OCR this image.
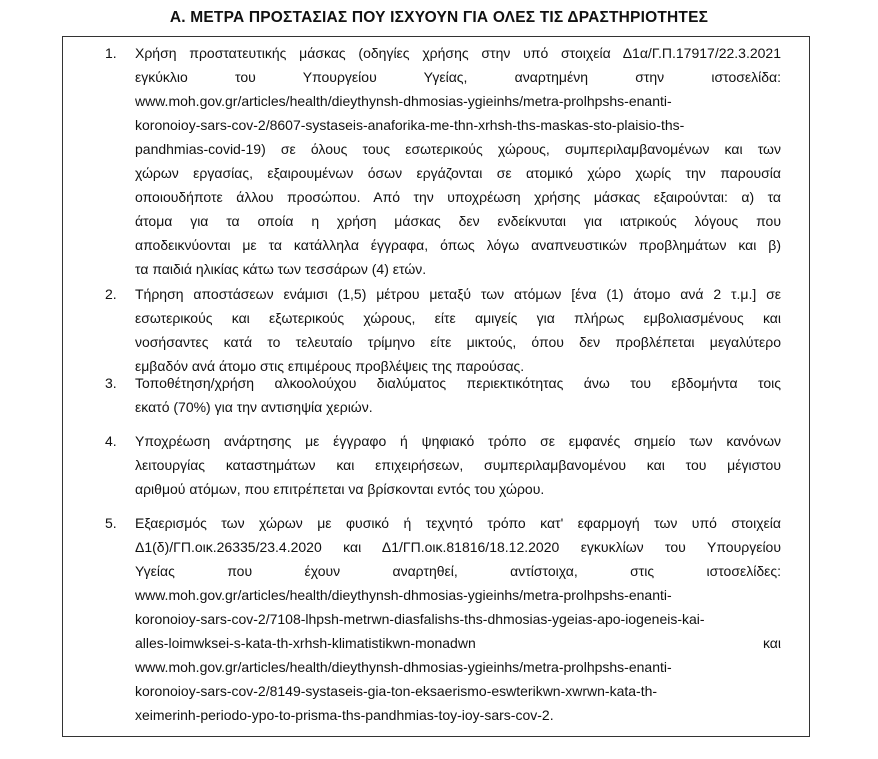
Α. ΜΕΤΡΑ ΠΡΟΣΤΑΣΙΑΣ ΠΟΥ ΙΣΧΥΟΥΝ ΓΙΑ ΟΛΕΣ ΤΙΣ ΔΡΑΣΤΗΡΙΟΤΗΤΕΣ
1. Χρήση προστατευτικής μάσκας (οδηγίες χρήσης στην υπό στοιχεία Δ1α/Γ.Π.17917/22.3.2021
εγκύκλιο του Υπουργείου Υγείας, αναρτημένη στην ιστοσελίδα:
www.moh.gov.gr/articles/health/dieythynsh-dhmosias-ygieinhs/metra-prolhpshs-enanti-
koronoioy-sars-cov-2/8607-systaseis-anaforika-me-thn-xrhsh-ths-maskas-sto-plaisio-ths-
pandhmias-covid-19) σε όλους τους εσωτερικούς χώρους, συμπεριλαμβανομένων και των
χώρων εργασίας, εξαιρουμένων όσων εργάζονται σε ατομικό χώρο χωρίς την παρουσία
οποιουδήποτε άλλου προσώπου. Από την υποχρέωση χρήσης μάσκας εξαιρούνται: α) τα
άτομα για τα οποία η χρήση μάσκας δεν ενδείκνυται για ιατρικούς λόγους που
αποδεικνύονται με τα κατάλληλα έγγραφα, όπως λόγω αναπνευστικών προβλημάτων και β)
τα παιδιά ηλικίας κάτω των τεσσάρων (4) ετών.
2. Τήρηση αποστάσεων ενάμισι (1,5) μέτρου μεταξύ των ατόμων [ένα (1) άτομο ανά 2 τ.μ.] σε
εσωτερικούς και εξωτερικούς χώρους, είτε αμιγείς για πλήρως εμβολιασμένους και
νοσήσαντες κατά το τελευταίο τρίμηνο είτε μικτούς, όπου δεν προβλέπεται μεγαλύτερο
εμβαδόν ανά άτομο στις επιμέρους προβλέψεις της παρούσας.
3. Τοποθέτηση/χρήση αλκοολούχου διαλύματος περιεκτικότητας άνω του εβδομήντα τοις
εκατό (70%) για την αντισηψία χεριών.
4. Υποχρέωση ανάρτησης με έγγραφο ή ψηφιακό τρόπο σε εμφανές σημείο των κανόνων
λειτουργίας καταστημάτων και επιχειρήσεων, συμπεριλαμβανομένου και του μέγιστου
αριθμού ατόμων, που επιτρέπεται να βρίσκονται εντός του χώρου.
5. Εξαερισμός των χώρων με φυσικό ή τεχνητό τρόπο κατ' εφαρμογή των υπό στοιχεία
Δ1(δ)/ΓΠ.οικ.26335/23.4.2020 και Δ1/ΓΠ.οικ.81816/18.12.2020 εγκυκλίων του Υπουργείου
Υγείας που έχουν αναρτηθεί, αντίστοιχα, στις ιστοσελίδες:
www.moh.gov.gr/articles/health/dieythynsh-dhmosias-ygieinhs/metra-prolhpshs-enanti-
koronoioy-sars-cov-2/7108-lhpsh-metrwn-diasfalishs-ths-dhmosias-ygeias-apo-iogeneis-kai-
alles-loimwksei-s-kata-th-xrhsh-klimatistikwn-monadwn και
www.moh.gov.gr/articles/health/dieythynsh-dhmosias-ygieinhs/metra-prolhpshs-enanti-
koronoioy-sars-cov-2/8149-systaseis-gia-ton-eksaerismo-eswterikwn-xwrwn-kata-th-
xeimerinh-periodo-ypo-to-prisma-ths-pandhmias-toy-ioy-sars-cov-2.
